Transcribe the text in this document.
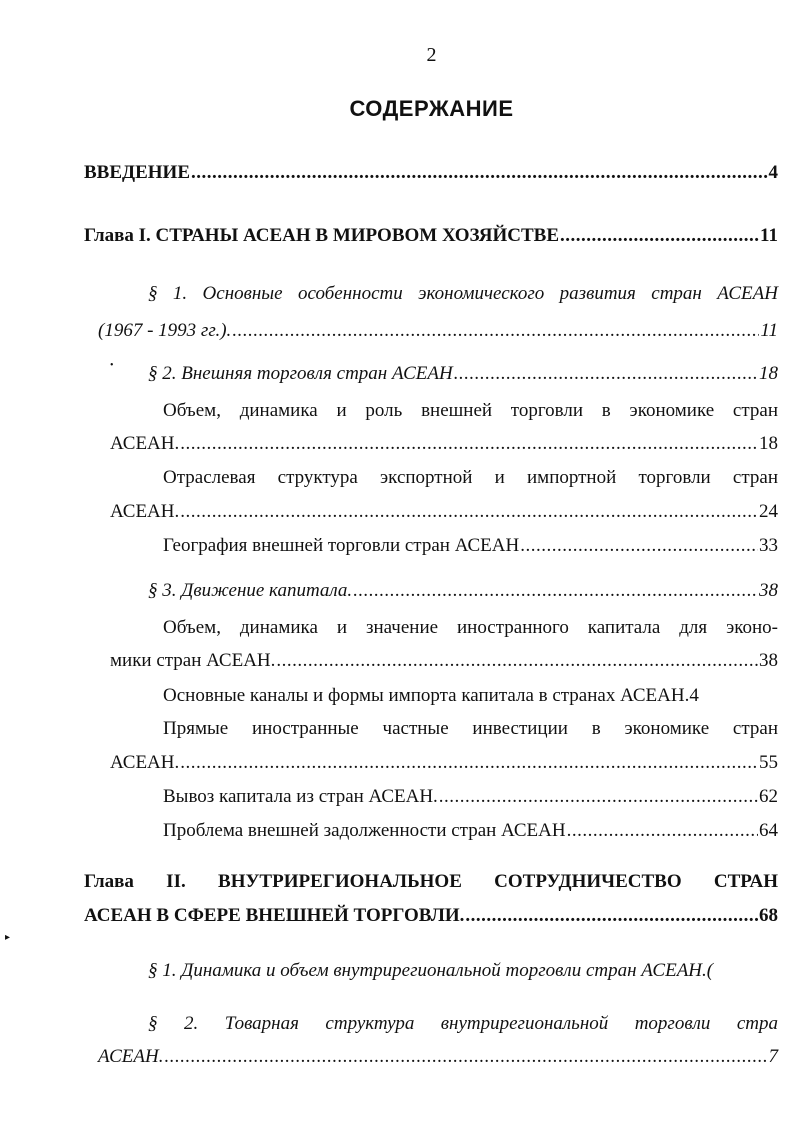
2
СОДЕРЖАНИЕ
ВВЕДЕНИЕ .....	4
Глава I. СТРАНЫ АСЕАН В МИРОВОМ ХОЗЯЙСТВЕ .....	11
§ 1. Основные особенности экономического развития стран АСЕАН
(1967 - 1993 гг.). .....	11
• § 2. Внешняя торговля стран АСЕАН .....	18
Объем, динамика и роль внешней торговли в экономике стран
АСЕАН. .....	18
Отраслевая структура экспортной и импортной торговли стран
АСЕАН. .....	24
География внешней торговли стран АСЕАН .....	33
§ 3. Движение капитала. .....	38
Объем, динамика и значение иностранного капитала для эконо-
мики стран АСЕАН. .....	38
Основные каналы и формы импорта капитала в странах АСЕАН.4
Прямые иностранные частные инвестиции в экономике стран
АСЕАН. .....	55
Вывоз капитала из стран АСЕАН. .....	62
Проблема внешней задолженности стран АСЕАН .....	64
Глава II. ВНУТРИРЕГИОНАЛЬНОЕ СОТРУДНИЧЕСТВО СТРАН
АСЕАН В СФЕРЕ ВНЕШНЕЙ ТОРГОВЛИ. .....	68
▸
§ 1. Динамика и объем внутрирегиональной торговли стран АСЕАН.(
§ 2. Товарная структура внутрирегиональной торговли стра
АСЕАН. .....	7
